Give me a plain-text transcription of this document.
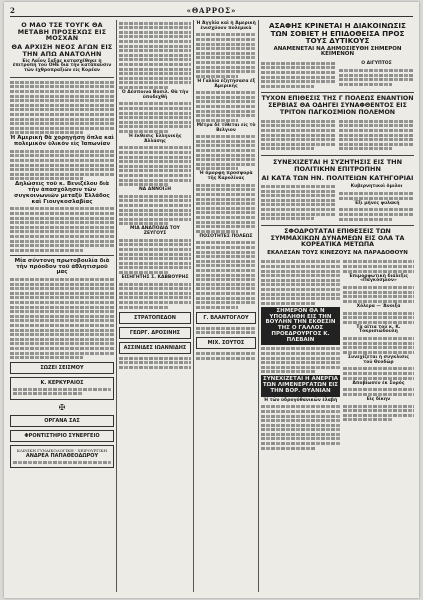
2	«ΘΑΡΡΟΣ»
Ο ΜΑΟ ΤΣΕ ΤΟΥΓΚ ΘΑ ΜΕΤΑΒΗ ΠΡΟΣΕΧΩΣ ΕΙΣ ΜΟΣΧΑΝ
ΘΑ ΑΡΧΙΣΗ ΝΕΟΣ ΑΓΩΝ ΕΙΣ ΤΗΝ ΑΠΩ ΑΝΑΤΟΛΗΝ
Εἰς Λαΐον Σαξας κατασχέθηκε ἡ ἐπιτροπή τοῦ ΟΗΕ διὰ τὴν κατάπαυσιν τῶν ἐχθροπραξιῶν εἰς Κορέαν
Ἡ Ἀμερικὴ θὰ χορηγήση ὅπλα καὶ πολεμικὸν ὑλικὸν εἰς Ἰαπωνίαν
Δηλώσεις τοῦ κ. Βενιζέλου διὰ τὴν ἀπασχόλησιν τῶν συγκοινωνιῶν μεταξὺ Ἑλλάδος καὶ Γιουγκοσλαβίας
Μία σύντονη πρωτοβουλία διὰ τὴν πρόοδον τοῦ ἀθλητισμοῦ μας
ΣΩΖΕΙ ΣΕΙΣΜΟΥ
Κ. ΚΕΡΚΥΡΑΙΟΣ
✠
ΟΡΓΑΝΑ ΣΑΣ
ΦΡΟΝΤΙΣΤΗΡΙΟ ΣΥΝΕΡΓΕΙΟ
ΚΛΙΝΙΚΗ ΓΥΝΑΙΚΟΛΟΓΙΚΗ - ΧΕΙΡΟΥΡΓΙΚΗ
ΑΝΔΡΕΑ ΠΑΠΑΘΕΟΔΩΡΟΥ
Ὁ Δέσποινα Βασιλ. Θὰ τὴν ὑποδεχθῆ
Ἡ ἔκθεσις Ἐλληνικῆς Ἀλλάσης
ΝΑ ΑΝΝΟΙΞΗ
ΜΙΑ ΑΝΑΠΟΔΙΑ ΤΟΥ ΖΕΥΓΟΥΣ
ΕΙΣΗΓΗΤΗΣ Σ. ΚΑΒΒΟΥΡΗΣ
ΣΤΡΑΤΟΠΕΔΟΝ
ΓΕΩΡΓ. ΔΡΟΣΙΝΗΣ
ΑΣΣΙΝΙΔΕΣ ΙΩΑΝΝΙΔΗΣ
Ἡ Ἀγγλία καὶ ἡ Ἀμερικὴ ἐνισχύουν πολεμικὰ
Ἡ Γαλλία ἐζητήσασα ἐξ Ἀμερικῆς
Μέτρα δὲ τίθεται εἰς τὸ Βελγιον
Ἡ ὅμορφη προσφορὰ τῆς Καρολίνας
ΠΟΣΟΤΗΤΕΣ ΠΟΛΕΩΣ
Γ. ΒΛΑΝΤΟΓΛΟΥ
ΜΙΧ. ΣΟΥΤΟΣ
ΑΣΑΦΗΣ ΚΡΙΝΕΤΑΙ Η ΔΙΑΚΟΙΝΩΣΙΣ ΤΩΝ ΣΟΒΙΕΤ Η ΕΠΙΔΟΘΕΙΣΑ ΠΡΟΣ ΤΟΥΣ ΔΥΤΙΚΟΥΣ
ΑΝΑΜΕΝΕΤΑΙ ΝΑ ΔΗΜΟΣΙΕΥΘΗ ΣΗΜΕΡΟΝ ΚΕΙΜΕΝΟΝ
Ο ΑΙΓΥΠΤΟΣ
ΤΥΧΟΝ ΕΠΙΘΕΣΙΣ ΤΗΣ Γ ΠΟΛΕΩΣ ΕΝΑΝΤΙΟΝ ΣΕΡΒΙΑΣ ΘΑ ΟΔΗΓΕΙ ΣΥΝΑΦΘΕΝΤΟΣ ΕΙΣ ΤΡΙΤΟΝ ΠΑΓΚΟΣΜΙΟΝ ΠΟΛΕΜΟΝ
ΣΥΝΕΧΙΖΕΤΑΙ Η ΣΥΖΗΤΗΣΙΣ ΕΙΣ ΤΗΝ ΠΟΛΙΤΙΚΗΝ ΕΠΙΤΡΟΠΗΝ
ΑΙ ΚΑΤΑ ΤΩΝ ΗΝ. ΠΟΛΙΤΕΙΩΝ ΚΑΤΗΓΟΡΙΑΙ
Κυβερνητικοὶ ὅμιλοι
Ἕξι μήνες φυλακή
ΣΦΟΔΡΟΤΑΤΑΙ ΕΠΙΘΕΣΕΙΣ ΤΩΝ ΣΥΜΜΑΧΙΚΩΝ ΔΥΝΑΜΕΩΝ ΕΙΣ ΟΛΑ ΤΑ ΚΟΡΕΑΤΙΚΑ ΜΕΤΩΠΑ
ΕΚΑΛΕΣΑΝ ΤΟΥΣ ΚΙΝΕΖΟΥΣ ΝΑ ΠΑΡΑΔΟΘΟΥΝ
ΣΗΜΕΡΟΝ ΘΑ Ν ΥΠΟΒΛΗΘΗ ΕΙΣ ΤΗΝ ΒΟΥΛΗΝ ΤΗΝ ΕΚΘΕΣΙΝ ΤΗΣ Ο ΓΑΛΛΟΣ ΠΡΟΕΔΡΟΥΡΓΟΣ Κ. ΠΛΕΒΑΙΝ
ΣΥΝΕΧΙΖΕΤΑΙ Η ΑΝΕΡΓΙΑ ΤΩΝ ΛΙΜΕΝΕΡΓΑΤΩΝ ΕΙΣ ΤΗΝ ΒΟΡ. ΘΥΑΝΙΑΝ
Ἡ τῶν ὑδρογόθανικῶν ἐλαβή
Ἐπιμορφωτικὴ διάλεξις «Παγκόσμιον»
Χόλερα — Ἄνοιξα
Τὰ αἴτια τοῦ κ. Κ. Τοκρισιώδουλη
Συνεχίζεται ἡ συγκλισις τοῦ Θεοδῶρ
Ἀποβίωσεν ἐκ Σορός
Εἰς δίκην
